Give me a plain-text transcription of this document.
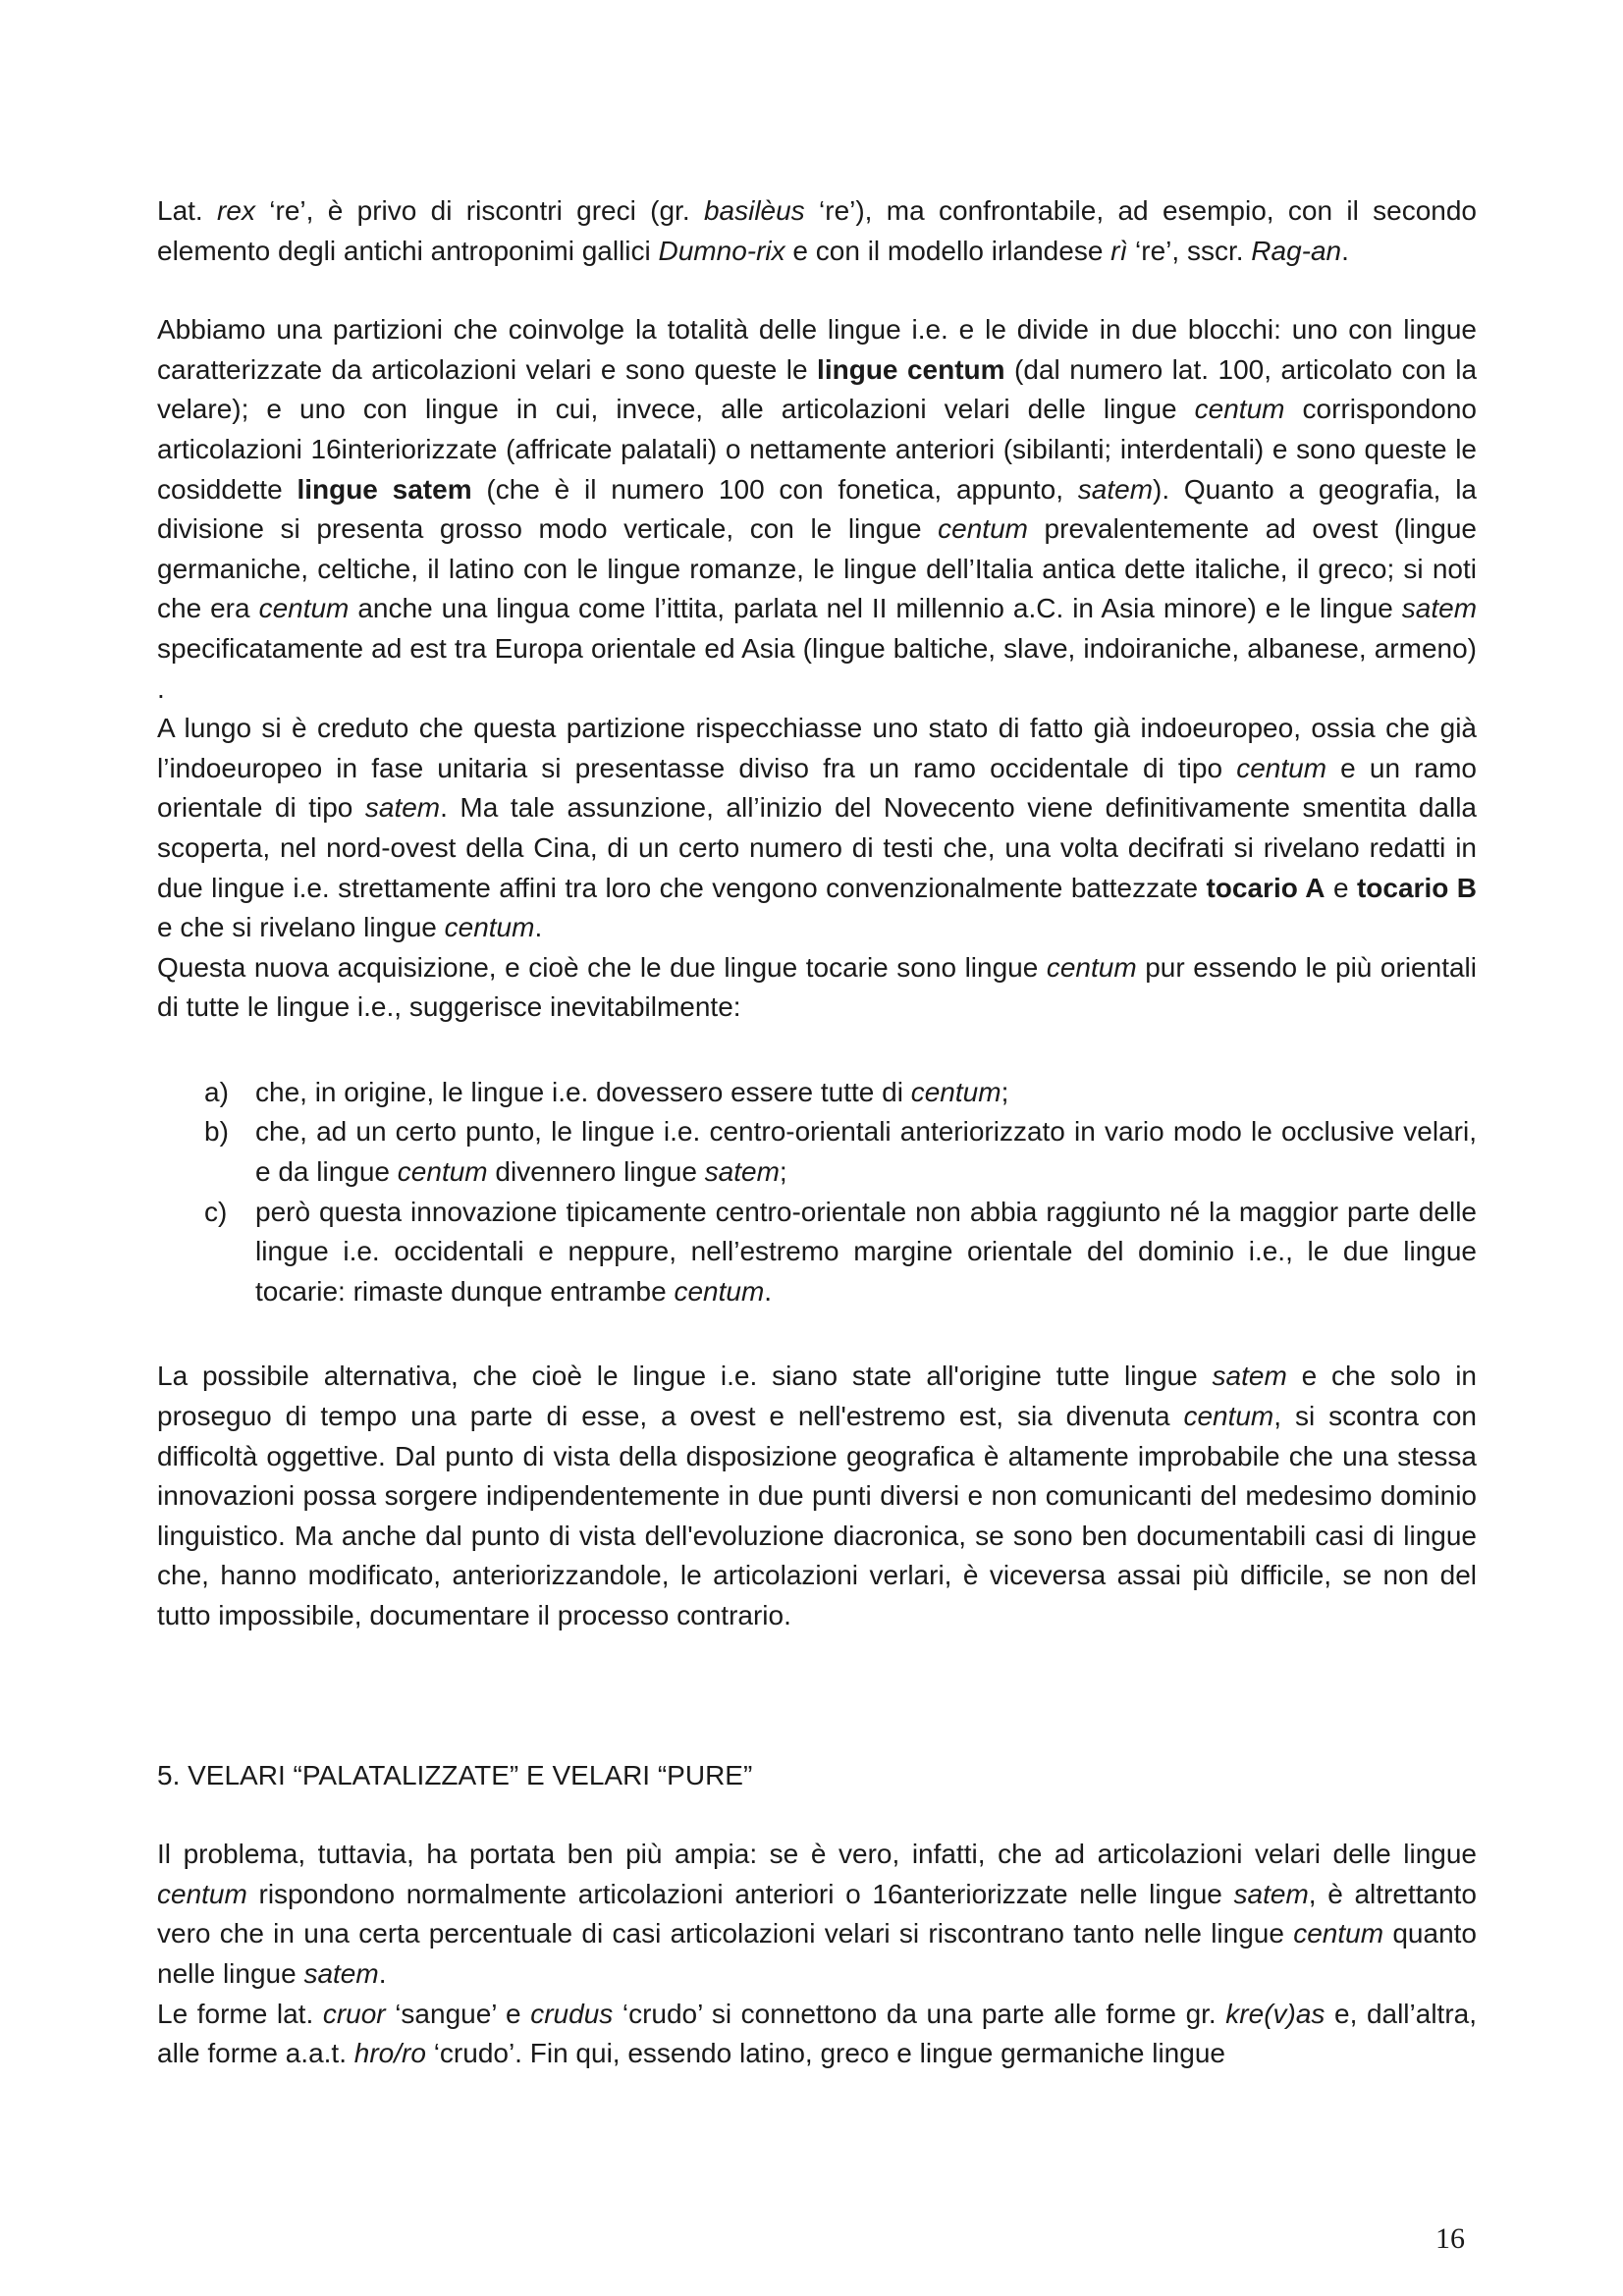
Lat. rex ‘re’, è privo di riscontri greci (gr. basilèus ‘re’), ma confrontabile, ad esempio, con il secondo elemento degli antichi antroponimi gallici Dumno-rix e con il modello irlandese rì ‘re’, sscr. Rag-an.

Abbiamo una partizioni che coinvolge la totalità delle lingue i.e. e le divide in due blocchi: uno con lingue caratterizzate da articolazioni velari e sono queste le lingue centum (dal numero lat. 100, articolato con la velare); e uno con lingue in cui, invece, alle articolazioni velari delle lingue centum corrispondono articolazioni 16interiorizzate (affricate palatali) o nettamente anteriori (sibilanti; interdentali) e sono queste le cosiddette lingue satem (che è il numero 100 con fonetica, appunto, satem). Quanto a geografia, la divisione si presenta grosso modo verticale, con le lingue centum prevalentemente ad ovest (lingue germaniche, celtiche, il latino con le lingue romanze, le lingue dell’Italia antica dette italiche, il greco; si noti che era centum anche una lingua come l’ittita, parlata nel II millennio a.C. in Asia minore) e le lingue satem specificatamente ad est tra Europa orientale ed Asia (lingue baltiche, slave, indoiraniche, albanese, armeno) .

A lungo si è creduto che questa partizione rispecchiasse uno stato di fatto già indoeuropeo, ossia che già l’indoeuropeo in fase unitaria si presentasse diviso fra un ramo occidentale di tipo centum e un ramo orientale di tipo satem. Ma tale assunzione, all’inizio del Novecento viene definitivamente smentita dalla scoperta, nel nord-ovest della Cina, di un certo numero di testi che, una volta decifrati si rivelano redatti in due lingue i.e. strettamente affini tra loro che vengono convenzionalmente battezzate tocario A e tocario B e che si rivelano lingue centum.

Questa nuova acquisizione, e cioè che le due lingue tocarie sono lingue centum pur essendo le più orientali di tutte le lingue i.e., suggerisce inevitabilmente:

a) che, in origine, le lingue i.e. dovessero essere tutte di centum;
b) che, ad un certo punto, le lingue i.e. centro-orientali anteriorizzato in vario modo le occlusive velari, e da lingue centum divennero lingue satem;
c) però questa innovazione tipicamente centro-orientale non abbia raggiunto né la maggior parte delle lingue i.e. occidentali e neppure, nell’estremo margine orientale del dominio i.e., le due lingue tocarie: rimaste dunque entrambe centum.

La possibile alternativa, che cioè le lingue i.e. siano state all'origine tutte lingue satem e che solo in proseguo di tempo una parte di esse, a ovest e nell'estremo est, sia divenuta centum, si scontra con difficoltà oggettive. Dal punto di vista della disposizione geografica è altamente improbabile che una stessa innovazioni possa sorgere indipendentemente in due punti diversi e non comunicanti del medesimo dominio linguistico. Ma anche dal punto di vista dell'evoluzione diacronica, se sono ben documentabili casi di lingue che, hanno modificato, anteriorizzandole, le articolazioni verlari, è viceversa assai più difficile, se non del tutto impossibile, documentare il processo contrario.

5. VELARI “PALATALIZZATE” E VELARI “PURE”

Il problema, tuttavia, ha portata ben più ampia: se è vero, infatti, che ad articolazioni velari delle lingue centum rispondono normalmente articolazioni anteriori o 16anteriorizzate nelle lingue satem, è altrettanto vero che in una certa percentuale di casi articolazioni velari si riscontrano tanto nelle lingue centum quanto nelle lingue satem.

Le forme lat. cruor ‘sangue’ e crudus ‘crudo’ si connettono da una parte alle forme gr. kre(v)as e, dall’altra, alle forme a.a.t. hro/ro ‘crudo’. Fin qui, essendo latino, greco e lingue germaniche lingue

16
